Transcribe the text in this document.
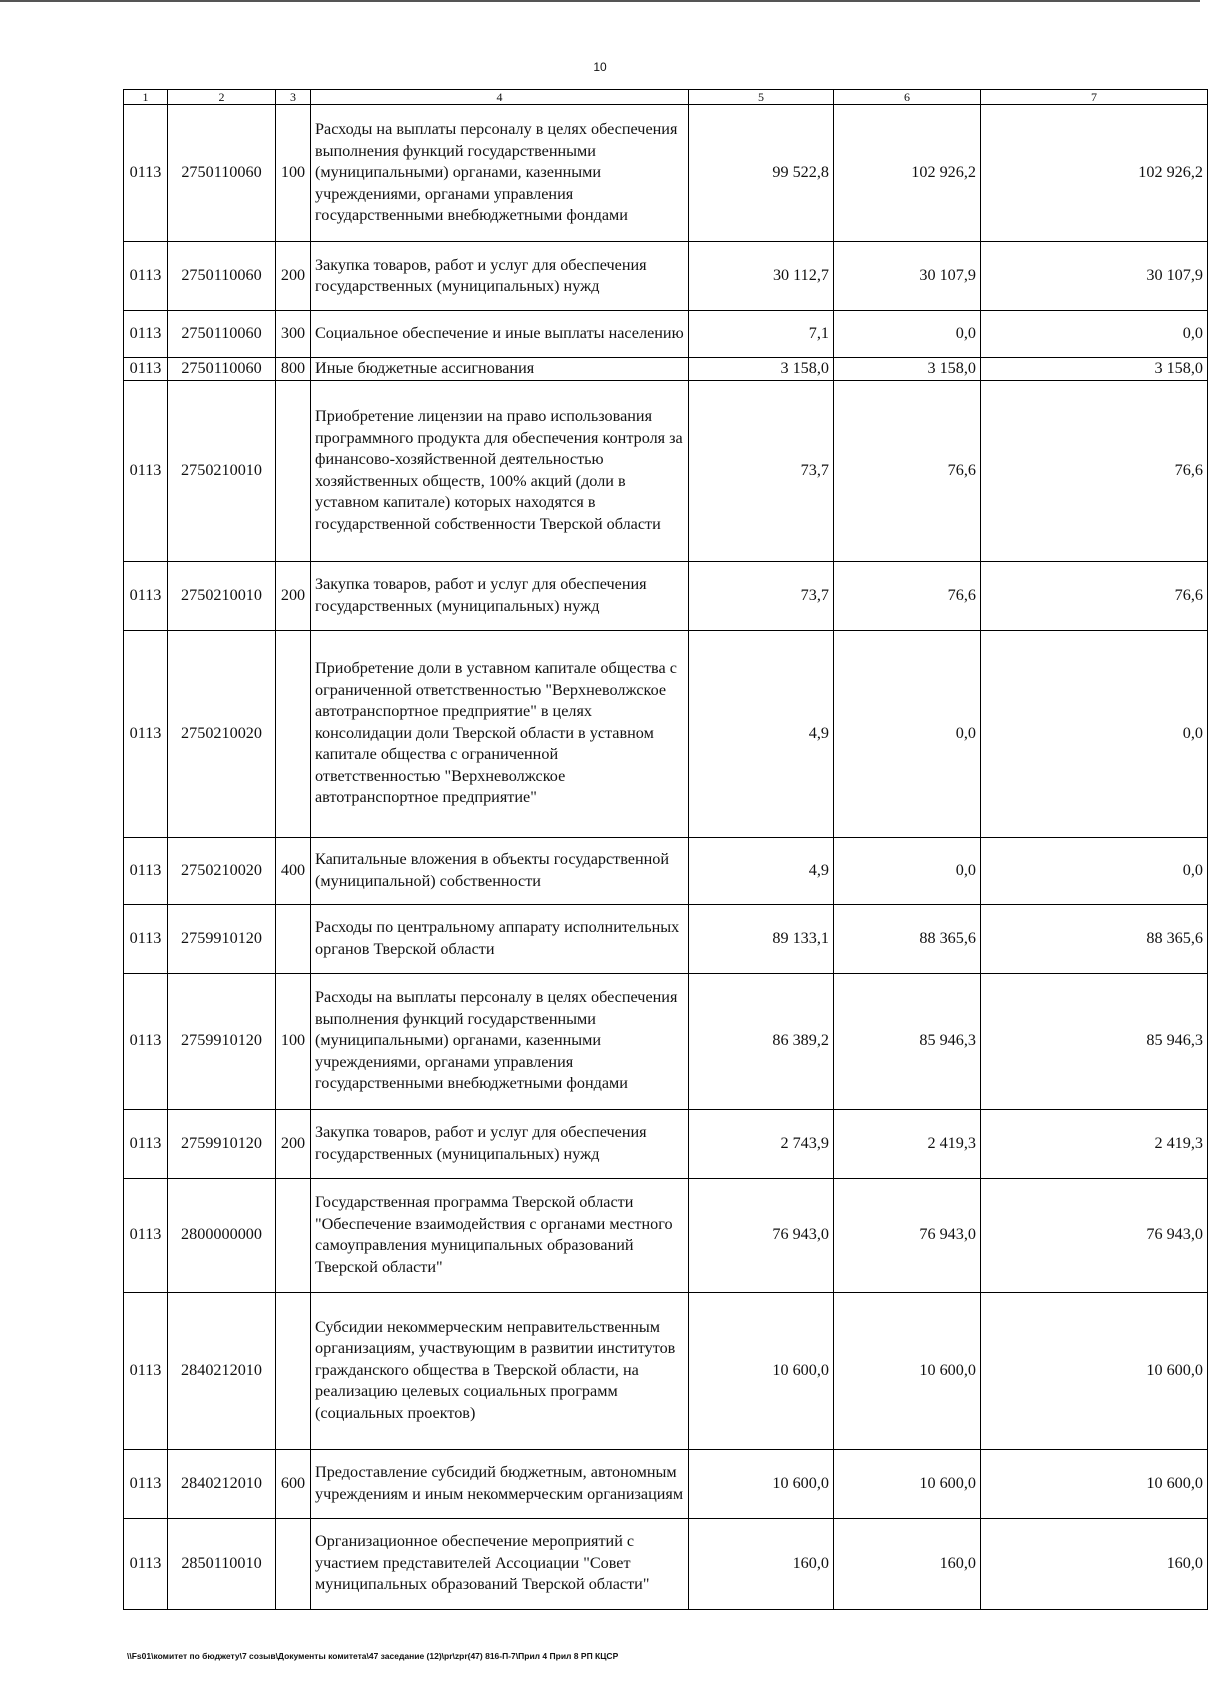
10
1	2	3	4	5	6	7
0113	2750110060	100	Расходы на выплаты персоналу в целях обеспечения выполнения функций государственными (муниципальными) органами, казенными учреждениями, органами управления государственными внебюджетными фондами	99 522,8	102 926,2	102 926,2
0113	2750110060	200	Закупка товаров, работ и услуг для обеспечения государственных (муниципальных) нужд	30 112,7	30 107,9	30 107,9
0113	2750110060	300	Социальное обеспечение и иные выплаты населению	7,1	0,0	0,0
0113	2750110060	800	Иные бюджетные ассигнования	3 158,0	3 158,0	3 158,0
0113	2750210010		Приобретение лицензии на право использования программного продукта для обеспечения контроля за финансово-хозяйственной деятельностью хозяйственных обществ, 100% акций (доли в уставном капитале) которых находятся в государственной собственности Тверской области	73,7	76,6	76,6
0113	2750210010	200	Закупка товаров, работ и услуг для обеспечения государственных (муниципальных) нужд	73,7	76,6	76,6
0113	2750210020		Приобретение доли в уставном капитале общества с ограниченной ответственностью "Верхневолжское автотранспортное предприятие" в целях консолидации доли Тверской области в уставном капитале общества с ограниченной ответственностью "Верхневолжское автотранспортное предприятие"	4,9	0,0	0,0
0113	2750210020	400	Капитальные вложения в объекты государственной (муниципальной) собственности	4,9	0,0	0,0
0113	2759910120		Расходы по центральному аппарату исполнительных органов Тверской области	89 133,1	88 365,6	88 365,6
0113	2759910120	100	Расходы на выплаты персоналу в целях обеспечения выполнения функций государственными (муниципальными) органами, казенными учреждениями, органами управления государственными внебюджетными фондами	86 389,2	85 946,3	85 946,3
0113	2759910120	200	Закупка товаров, работ и услуг для обеспечения государственных (муниципальных) нужд	2 743,9	2 419,3	2 419,3
0113	2800000000		Государственная программа Тверской области "Обеспечение взаимодействия с органами местного самоуправления муниципальных образований Тверской области"	76 943,0	76 943,0	76 943,0
0113	2840212010		Субсидии некоммерческим неправительственным организациям, участвующим в развитии институтов гражданского общества в Тверской области, на реализацию целевых социальных программ (социальных проектов)	10 600,0	10 600,0	10 600,0
0113	2840212010	600	Предоставление субсидий бюджетным, автономным учреждениям и иным некоммерческим организациям	10 600,0	10 600,0	10 600,0
0113	2850110010		Организационное обеспечение мероприятий с участием представителей Ассоциации "Совет муниципальных образований Тверской области"	160,0	160,0	160,0
\\Fs01\комитет по бюджету\7 созыв\Документы комитета\47 заседание (12)\pr\zpr(47) 816-П-7\Прил 4 Прил 8 РП КЦСР
